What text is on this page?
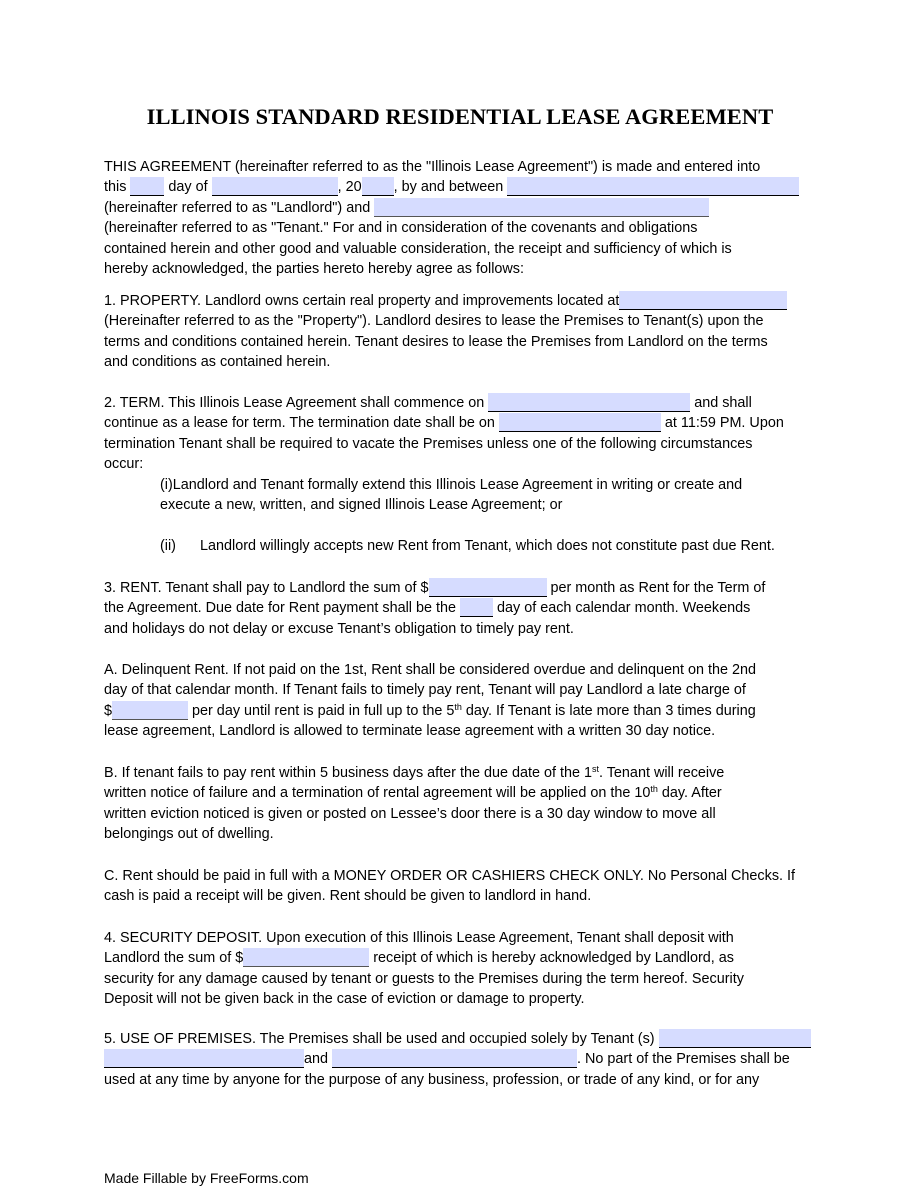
ILLINOIS STANDARD RESIDENTIAL LEASE AGREEMENT
THIS AGREEMENT (hereinafter referred to as the "Illinois Lease Agreement") is made and entered into
this  day of	, 20 , by and between
(hereinafter referred to as "Landlord") and
(hereinafter referred to as "Tenant." For and in consideration of the covenants and obligations
contained herein and other good and valuable consideration, the receipt and sufficiency of which is
hereby acknowledged, the parties hereto hereby agree as follows:
1. PROPERTY. Landlord owns certain real property and improvements located at
(Hereinafter referred to as the "Property"). Landlord desires to lease the Premises to Tenant(s) upon the
terms and conditions contained herein. Tenant desires to lease the Premises from Landlord on the terms
and conditions as contained herein.
2. TERM. This Illinois Lease Agreement shall commence on	and shall
continue as a lease for term. The termination date shall be on	at 11:59 PM. Upon
termination Tenant shall be required to vacate the Premises unless one of the following circumstances
occur:
(i)Landlord and Tenant formally extend this Illinois Lease Agreement in writing or create and
execute a new, written, and signed Illinois Lease Agreement; or
(ii) Landlord willingly accepts new Rent from Tenant, which does not constitute past due Rent.
3. RENT. Tenant shall pay to Landlord the sum of $	per month as Rent for the Term of
the Agreement. Due date for Rent payment shall be the  day of each calendar month. Weekends
and holidays do not delay or excuse Tenant’s obligation to timely pay rent.
A. Delinquent Rent. If not paid on the 1st, Rent shall be considered overdue and delinquent on the 2nd
day of that calendar month. If Tenant fails to timely pay rent, Tenant will pay Landlord a late charge of
$	per day until rent is paid in full up to the 5th day. If Tenant is late more than 3 times during
lease agreement, Landlord is allowed to terminate lease agreement with a written 30 day notice.
B. If tenant fails to pay rent within 5 business days after the due date of the 1st. Tenant will receive
written notice of failure and a termination of rental agreement will be applied on the 10th day. After
written eviction noticed is given or posted on Lessee’s door there is a 30 day window to move all
belongings out of dwelling.
C. Rent should be paid in full with a MONEY ORDER OR CASHIERS CHECK ONLY. No Personal Checks. If
cash is paid a receipt will be given. Rent should be given to landlord in hand.
4. SECURITY DEPOSIT. Upon execution of this Illinois Lease Agreement, Tenant shall deposit with
Landlord the sum of $	receipt of which is hereby acknowledged by Landlord, as
security for any damage caused by tenant or guests to the Premises during the term hereof. Security
Deposit will not be given back in the case of eviction or damage to property.
5. USE OF PREMISES. The Premises shall be used and occupied solely by Tenant (s)
and	. No part of the Premises shall be
used at any time by anyone for the purpose of any business, profession, or trade of any kind, or for any
Made Fillable by FreeForms.com
